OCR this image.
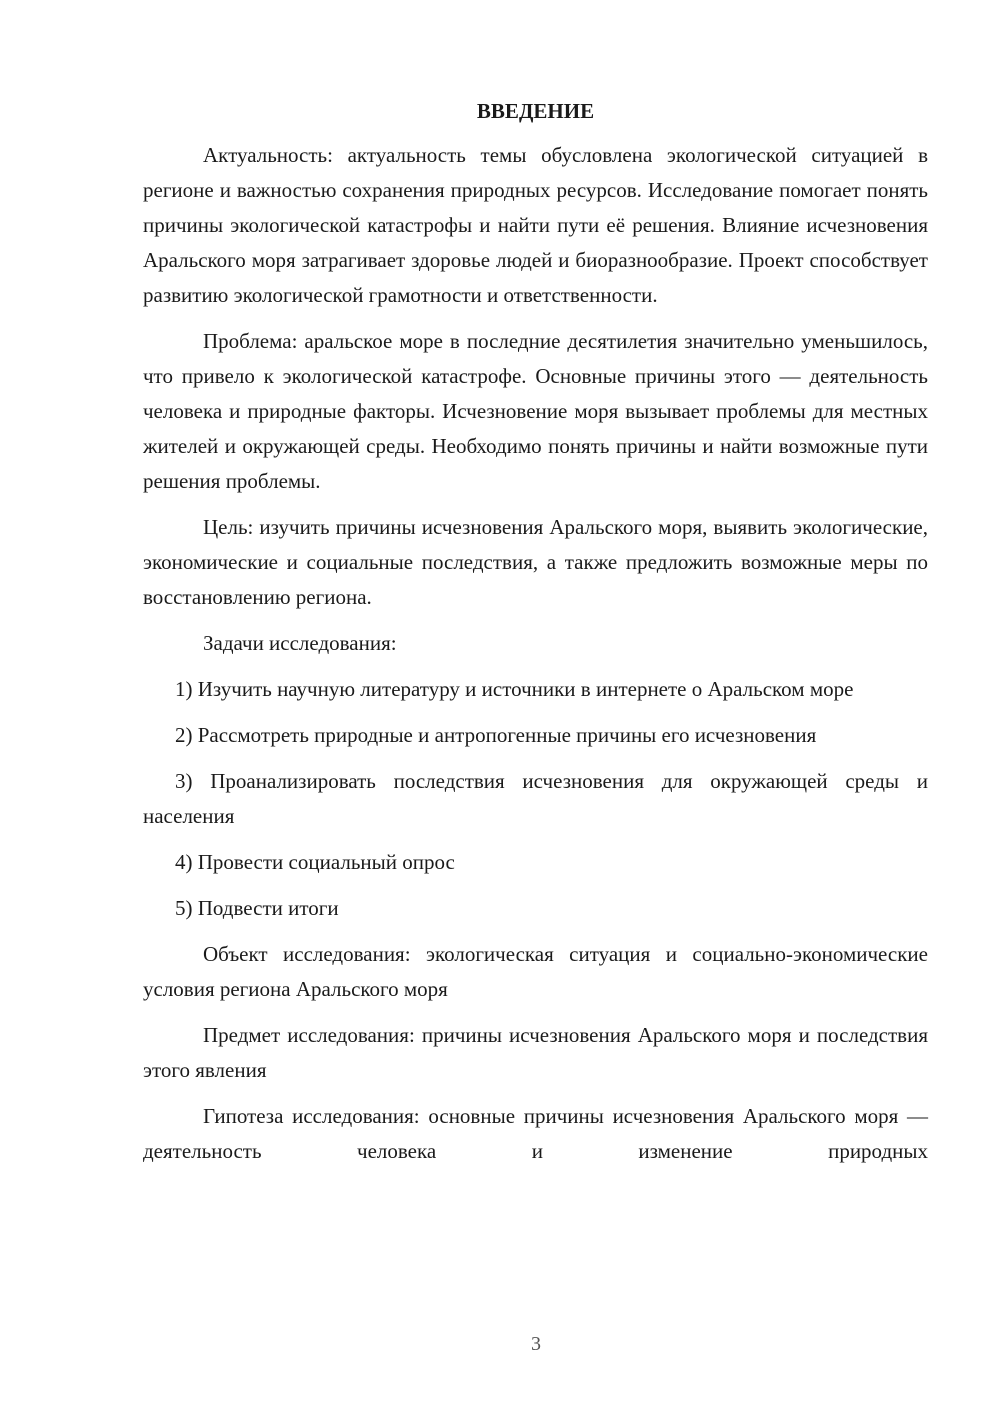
ВВЕДЕНИЕ

Актуальность: актуальность темы обусловлена экологической ситуацией в регионе и важностью сохранения природных ресурсов. Исследование помогает понять причины экологической катастрофы и найти пути её решения. Влияние исчезновения Аральского моря затрагивает здоровье людей и биоразнообразие. Проект способствует развитию экологической грамотности и ответственности.

Проблема: аральское море в последние десятилетия значительно уменьшилось, что привело к экологической катастрофе. Основные причины этого — деятельность человека и природные факторы. Исчезновение моря вызывает проблемы для местных жителей и окружающей среды. Необходимо понять причины и найти возможные пути решения проблемы.

Цель: изучить причины исчезновения Аральского моря, выявить экологические, экономические и социальные последствия, а также предложить возможные меры по восстановлению региона.

Задачи исследования:

1) Изучить научную литературу и источники в интернете о Аральском море

2) Рассмотреть природные и антропогенные причины его исчезновения

3) Проанализировать последствия исчезновения для окружающей среды и населения

4) Провести социальный опрос

5) Подвести итоги

Объект исследования: экологическая ситуация и социально-экономические условия региона Аральского моря

Предмет исследования: причины исчезновения Аральского моря и последствия этого явления

Гипотеза исследования: основные причины исчезновения Аральского моря — деятельность человека и изменение природных

3
